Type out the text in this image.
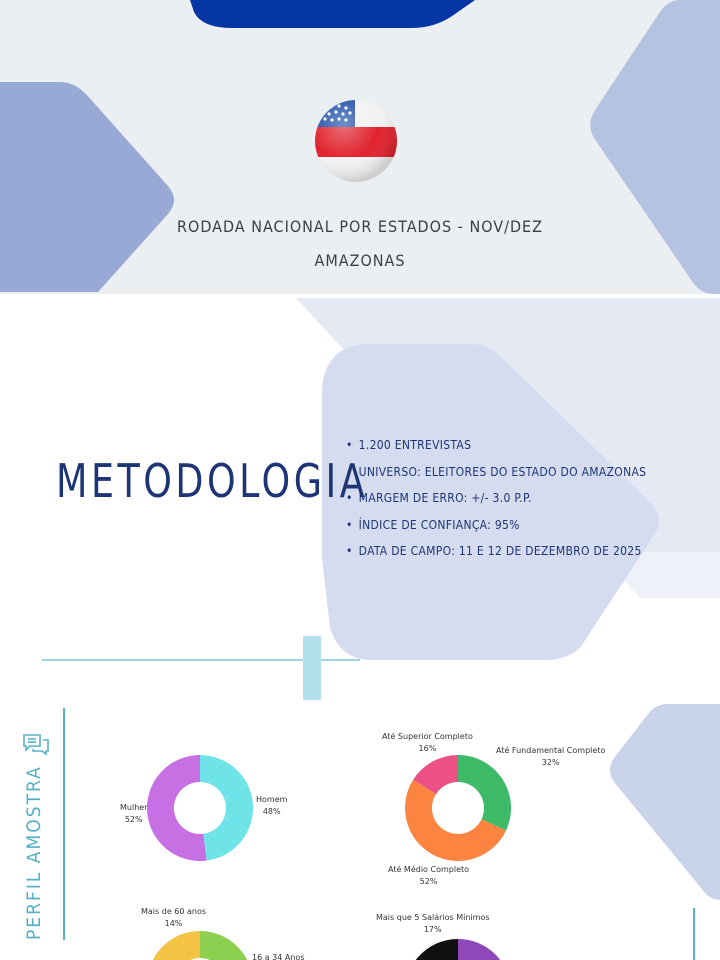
RODADA NACIONAL POR ESTADOS - NOV/DEZ
AMAZONAS
METODOLOGIA
• 1.200 ENTREVISTAS
• UNIVERSO: ELEITORES DO ESTADO DO AMAZONAS
• MARGEM DE ERRO: +/- 3.0 P.P.
• ÍNDICE DE CONFIANÇA: 95%
• DATA DE CAMPO: 11 E 12 DE DEZEMBRO DE 2025
PERFIL AMOSTRA	Homem
48%
Mulher
52%
Até Superior Completo
16%	Até Fundamental Completo
32%
Até Médio Completo
52%
Mais de 60 anos
14%
16 a 34 Anos
Mais que 5 Salários Mínimos
17%
